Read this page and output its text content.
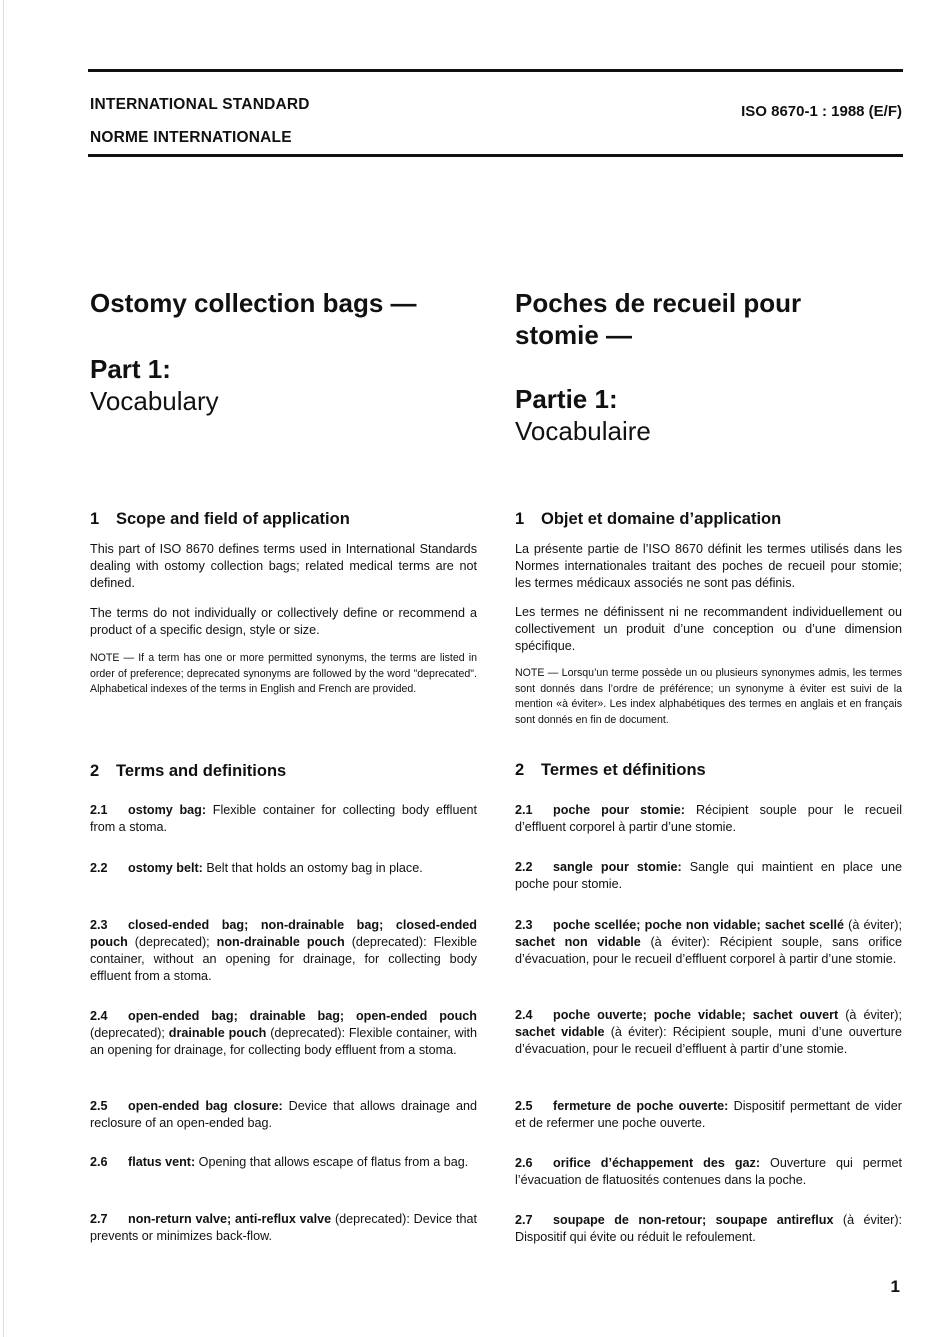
INTERNATIONAL STANDARD
NORME INTERNATIONALE
ISO 8670-1 : 1988 (E/F)
Ostomy collection bags —
Part 1:
Vocabulary
Poches de recueil pour
stomie —
Partie 1:
Vocabulaire
1 Scope and field of application

This part of ISO 8670 defines terms used in International Standards dealing with ostomy collection bags; related medical terms are not defined.

The terms do not individually or collectively define or recommend a product of a specific design, style or size.

NOTE — If a term has one or more permitted synonyms, the terms are listed in order of preference; deprecated synonyms are followed by the word "deprecated". Alphabetical indexes of the terms in English and French are provided.

1 Objet et domaine d’application

La présente partie de l’ISO 8670 définit les termes utilisés dans les Normes internationales traitant des poches de recueil pour stomie; les termes médicaux associés ne sont pas définis.

Les termes ne définissent ni ne recommandent individuellement ou collectivement un produit d’une conception ou d’une dimension spécifique.

NOTE — Lorsqu’un terme possède un ou plusieurs synonymes admis, les termes sont donnés dans l’ordre de préférence; un synonyme à éviter est suivi de la mention «à éviter». Les index alphabétiques des termes en anglais et en français sont donnés en fin de document.

2 Terms and definitions

2.1 ostomy bag: Flexible container for collecting body effluent from a stoma.

2.2 ostomy belt: Belt that holds an ostomy bag in place.

2.3 closed-ended bag; non-drainable bag; closed-ended pouch (deprecated); non-drainable pouch (deprecated): Flexible container, without an opening for drainage, for collecting body effluent from a stoma.

2.4 open-ended bag; drainable bag; open-ended pouch (deprecated); drainable pouch (deprecated): Flexible container, with an opening for drainage, for collecting body effluent from a stoma.

2.5 open-ended bag closure: Device that allows drainage and reclosure of an open-ended bag.

2.6 flatus vent: Opening that allows escape of flatus from a bag.

2.7 non-return valve; anti-reflux valve (deprecated): Device that prevents or minimizes back-flow.

2 Termes et définitions

2.1 poche pour stomie: Récipient souple pour le recueil d’effluent corporel à partir d’une stomie.

2.2 sangle pour stomie: Sangle qui maintient en place une poche pour stomie.

2.3 poche scellée; poche non vidable; sachet scellé (à éviter); sachet non vidable (à éviter): Récipient souple, sans orifice d’évacuation, pour le recueil d’effluent corporel à partir d’une stomie.

2.4 poche ouverte; poche vidable; sachet ouvert (à éviter); sachet vidable (à éviter): Récipient souple, muni d’une ouverture d’évacuation, pour le recueil d’effluent à partir d’une stomie.

2.5 fermeture de poche ouverte: Dispositif permettant de vider et de refermer une poche ouverte.

2.6 orifice d’échappement des gaz: Ouverture qui permet l’évacuation de flatuosités contenues dans la poche.

2.7 soupape de non-retour; soupape antireflux (à éviter): Dispositif qui évite ou réduit le refoulement.

1
